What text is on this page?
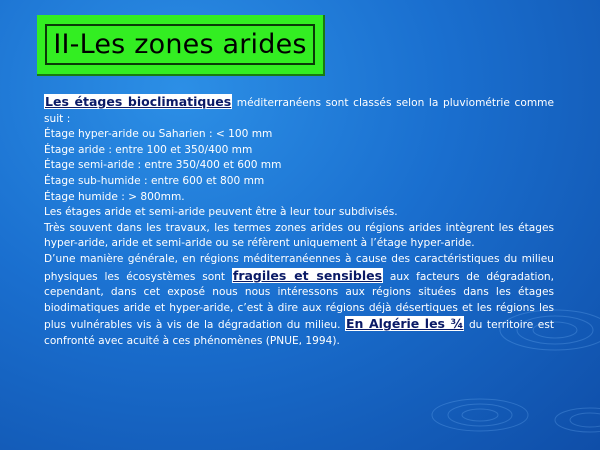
II-Les zones arides

Les étages bioclimatiques méditerranéens sont classés selon la pluviométrie comme suit :

Étage hyper-aride ou Saharien : < 100 mm

Étage aride : entre 100 et 350/400 mm

Étage semi-aride : entre 350/400 et 600 mm

Étage sub-humide : entre 600 et 800 mm

Étage humide : > 800mm.

Les étages aride et semi-aride peuvent être à leur tour subdivisés.

Très souvent dans les travaux, les termes zones arides ou régions arides intègrent les étages hyper-aride, aride et semi-aride ou se réfèrent uniquement à l’étage hyper-aride.

D’une manière générale, en régions méditerranéennes à cause des caractéristiques du milieu physiques les écosystèmes sont fragiles et sensibles aux facteurs de dégradation, cependant, dans cet exposé nous nous intéressons aux régions situées dans les étages biodimatiques aride et hyper-aride, c’est à dire aux régions déjà désertiques et les régions les plus vulnérables vis à vis de la dégradation du milieu. En Algérie les ¾ du territoire est confronté avec acuité à ces phénomènes (PNUE, 1994).
